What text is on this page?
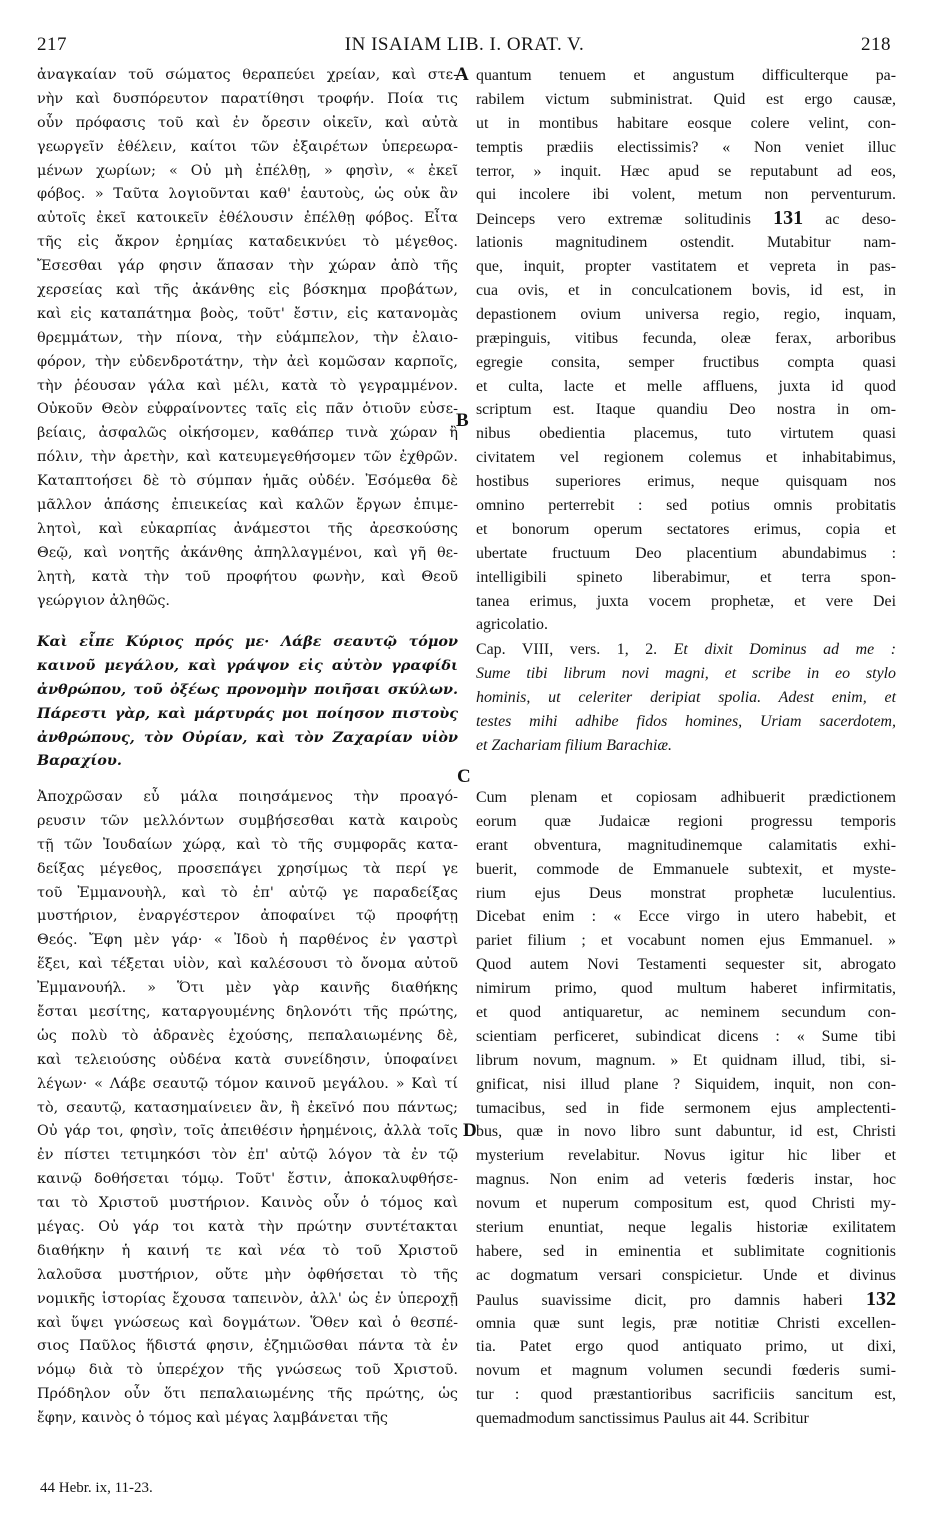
217	IN ISAIAM LIB. I. ORAT. V.	218
A
B
C
D
ἀναγκαίαν τοῦ σώματος θεραπεύει χρείαν, καὶ στε-
νὴν καὶ δυσπόρευτον παρατίθησι τροφήν. Ποία τις
οὖν πρόφασις τοῦ καὶ ἐν ὄρεσιν οἰκεῖν, καὶ αὐτὰ
γεωργεῖν ἐθέλειν, καίτοι τῶν ἐξαιρέτων ὑπερεωρα-
μένων χωρίων; « Οὐ μὴ ἐπέλθῃ, » φησὶν, « ἐκεῖ
φόβος. » Ταῦτα λογιοῦνται καθ' ἑαυτοὺς, ὡς οὐκ ἂν
αὐτοῖς ἐκεῖ κατοικεῖν ἐθέλουσιν ἐπέλθῃ φόβος. Εἶτα
τῆς εἰς ἄκρον ἐρημίας καταδεικνύει τὸ μέγεθος.
Ἔσεσθαι γάρ φησιν ἅπασαν τὴν χώραν ἀπὸ τῆς
χερσείας καὶ τῆς ἀκάνθης εἰς βόσκημα προβάτων,
καὶ εἰς καταπάτημα βοὸς, τοῦτ' ἔστιν, εἰς κατανομὰς
θρεμμάτων, τὴν πίονα, τὴν εὐάμπελον, τὴν ἐλαιο-
φόρον, τὴν εὐδενδροτάτην, τὴν ἀεὶ κομῶσαν καρποῖς,
τὴν ῥέουσαν γάλα καὶ μέλι, κατὰ τὸ γεγραμμένον.
Οὐκοῦν Θεὸν εὐφραίνοντες ταῖς εἰς πᾶν ὁτιοῦν εὐσε-
βείαις, ἀσφαλῶς οἰκήσομεν, καθάπερ τινὰ χώραν ἢ
πόλιν, τὴν ἀρετὴν, καὶ κατευμεγεθήσομεν τῶν ἐχθρῶν.
Καταπτοήσει δὲ τὸ σύμπαν ἡμᾶς οὐδέν. Ἐσόμεθα δὲ
μᾶλλον ἁπάσης ἐπιεικείας καὶ καλῶν ἔργων ἐπιμε-
λητοὶ, καὶ εὐκαρπίας ἀνάμεστοι τῆς ἀρεσκούσης
Θεῷ, καὶ νοητῆς ἀκάνθης ἀπηλλαγμένοι, καὶ γῆ θε-
λητὴ, κατὰ τὴν τοῦ προφήτου φωνὴν, καὶ Θεοῦ
γεώργιον ἀληθῶς.
Καὶ εἶπε Κύριος πρός με· Λάβε σεαυτῷ τόμον
καινοῦ μεγάλου, καὶ γράψον εἰς αὐτὸν γραφίδι
ἀνθρώπου, τοῦ ὀξέως προνομὴν ποιῆσαι σκύλων.
Πάρεστι γὰρ, καὶ μάρτυράς μοι ποίησον πιστοὺς
ἀνθρώπους, τὸν Οὐρίαν, καὶ τὸν Ζαχαρίαν υἱὸν
Βαραχίου.
Ἀποχρῶσαν εὖ μάλα ποιησάμενος τὴν προαγό-
ρευσιν τῶν μελλόντων συμβήσεσθαι κατὰ καιροὺς
τῇ τῶν Ἰουδαίων χώρᾳ, καὶ τὸ τῆς συμφορᾶς κατα-
δείξας μέγεθος, προσεπάγει χρησίμως τὰ περί γε
τοῦ Ἐμμανουὴλ, καὶ τὸ ἐπ' αὐτῷ γε παραδείξας
μυστήριον, ἐναργέστερον ἀποφαίνει τῷ προφήτῃ
Θεός. Ἔφη μὲν γάρ· « Ἰδοὺ ἡ παρθένος ἐν γαστρὶ
ἕξει, καὶ τέξεται υἱὸν, καὶ καλέσουσι τὸ ὄνομα αὐτοῦ
Ἐμμανουήλ. » Ὅτι μὲν γὰρ καινῆς διαθήκης
ἔσται μεσίτης, καταργουμένης δηλονότι τῆς πρώτης,
ὡς πολὺ τὸ ἀδρανὲς ἐχούσης, πεπαλαιωμένης δὲ,
καὶ τελειούσης οὐδένα κατὰ συνείδησιν, ὑποφαίνει
λέγων· « Λάβε σεαυτῷ τόμον καινοῦ μεγάλου. » Καὶ τί
τὸ, σεαυτῷ, κατασημαίνειεν ἂν, ἢ ἐκεῖνό που πάντως;
Οὐ γάρ τοι, φησὶν, τοῖς ἀπειθέσιν ἠρημένοις, ἀλλὰ τοῖς
ἐν πίστει τετιμηκόσι τὸν ἐπ' αὐτῷ λόγον τὰ ἐν τῷ
καινῷ δοθήσεται τόμῳ. Τοῦτ' ἔστιν, ἀποκαλυφθήσε-
ται τὸ Χριστοῦ μυστήριον. Καινὸς οὖν ὁ τόμος καὶ
μέγας. Οὐ γάρ τοι κατὰ τὴν πρώτην συντέτακται
διαθήκην ἡ καινή τε καὶ νέα τὸ τοῦ Χριστοῦ
λαλοῦσα μυστήριον, οὔτε μὴν ὀφθήσεται τὸ τῆς
νομικῆς ἱστορίας ἔχουσα ταπεινὸν, ἀλλ' ὡς ἐν ὑπεροχῇ
καὶ ὕψει γνώσεως καὶ δογμάτων. Ὅθεν καὶ ὁ θεσπέ-
σιος Παῦλος ἥδιστά φησιν, ἐζημιῶσθαι πάντα τὰ ἐν
νόμῳ διὰ τὸ ὑπερέχον τῆς γνώσεως τοῦ Χριστοῦ.
Πρόδηλον οὖν ὅτι πεπαλαιωμένης τῆς πρώτης, ὡς
ἔφην, καινὸς ὁ τόμος καὶ μέγας λαμβάνεται τῆς
quantum tenuem et angustum difficulterque pa-
rabilem victum subministrat. Quid est ergo causæ,
ut in montibus habitare eosque colere velint, con-
temptis prædiis electissimis? « Non veniet illuc
terror, » inquit. Hæc apud se reputabunt ad eos,
qui incolere ibi volent, metum non perventurum.
Deinceps vero extremæ solitudinis 131 ac deso-
lationis magnitudinem ostendit. Mutabitur nam-
que, inquit, propter vastitatem et vepreta in pas-
cua ovis, et in conculcationem bovis, id est, in
depastionem ovium universa regio, regio, inquam,
præpinguis, vitibus fecunda, oleæ ferax, arboribus
egregie consita, semper fructibus compta quasi
et culta, lacte et melle affluens, juxta id quod
scriptum est. Itaque quandiu Deo nostra in om-
nibus obedientia placemus, tuto virtutem quasi
civitatem vel regionem colemus et inhabitabimus,
hostibus superiores erimus, neque quisquam nos
omnino perterrebit : sed potius omnis probitatis
et bonorum operum sectatores erimus, copia et
ubertate fructuum Deo placentium abundabimus :
intelligibili spineto liberabimur, et terra spon-
tanea erimus, juxta vocem prophetæ, et vere Dei
agricolatio.
Cap. VIII, vers. 1, 2. Et dixit Dominus ad me :
Sume tibi librum novi magni, et scribe in eo stylo
hominis, ut celeriter deripiat spolia. Adest enim, et
testes mihi adhibe fidos homines, Uriam sacerdotem,
et Zachariam filium Barachiæ.
Cum plenam et copiosam adhibuerit prædictionem
eorum quæ Judaicæ regioni progressu temporis
erant obventura, magnitudinemque calamitatis exhi-
buerit, commode de Emmanuele subtexit, et myste-
rium ejus Deus monstrat prophetæ luculentius.
Dicebat enim : « Ecce virgo in utero habebit, et
pariet filium ; et vocabunt nomen ejus Emmanuel. »
Quod autem Novi Testamenti sequester sit, abrogato
nimirum primo, quod multum haberet infirmitatis,
et quod antiquaretur, ac neminem secundum con-
scientiam perficeret, subindicat dicens : « Sume tibi
librum novum, magnum. » Et quidnam illud, tibi, si-
gnificat, nisi illud plane ? Siquidem, inquit, non con-
tumacibus, sed in fide sermonem ejus amplectenti-
bus, quæ in novo libro sunt dabuntur, id est, Christi
mysterium revelabitur. Novus igitur hic liber et
magnus. Non enim ad veteris fœderis instar, hoc
novum et nuperum compositum est, quod Christi my-
sterium enuntiat, neque legalis historiæ exilitatem
habere, sed in eminentia et sublimitate cognitionis
ac dogmatum versari conspicietur. Unde et divinus
Paulus suavissime dicit, pro damnis haberi 132
omnia quæ sunt legis, præ notitiæ Christi excellen-
tia. Patet ergo quod antiquato primo, ut dixi,
novum et magnum volumen secundi fœderis sumi-
tur : quod præstantioribus sacrificiis sancitum est,
quemadmodum sanctissimus Paulus ait 44. Scribitur
44 Hebr. ix, 11-23.
